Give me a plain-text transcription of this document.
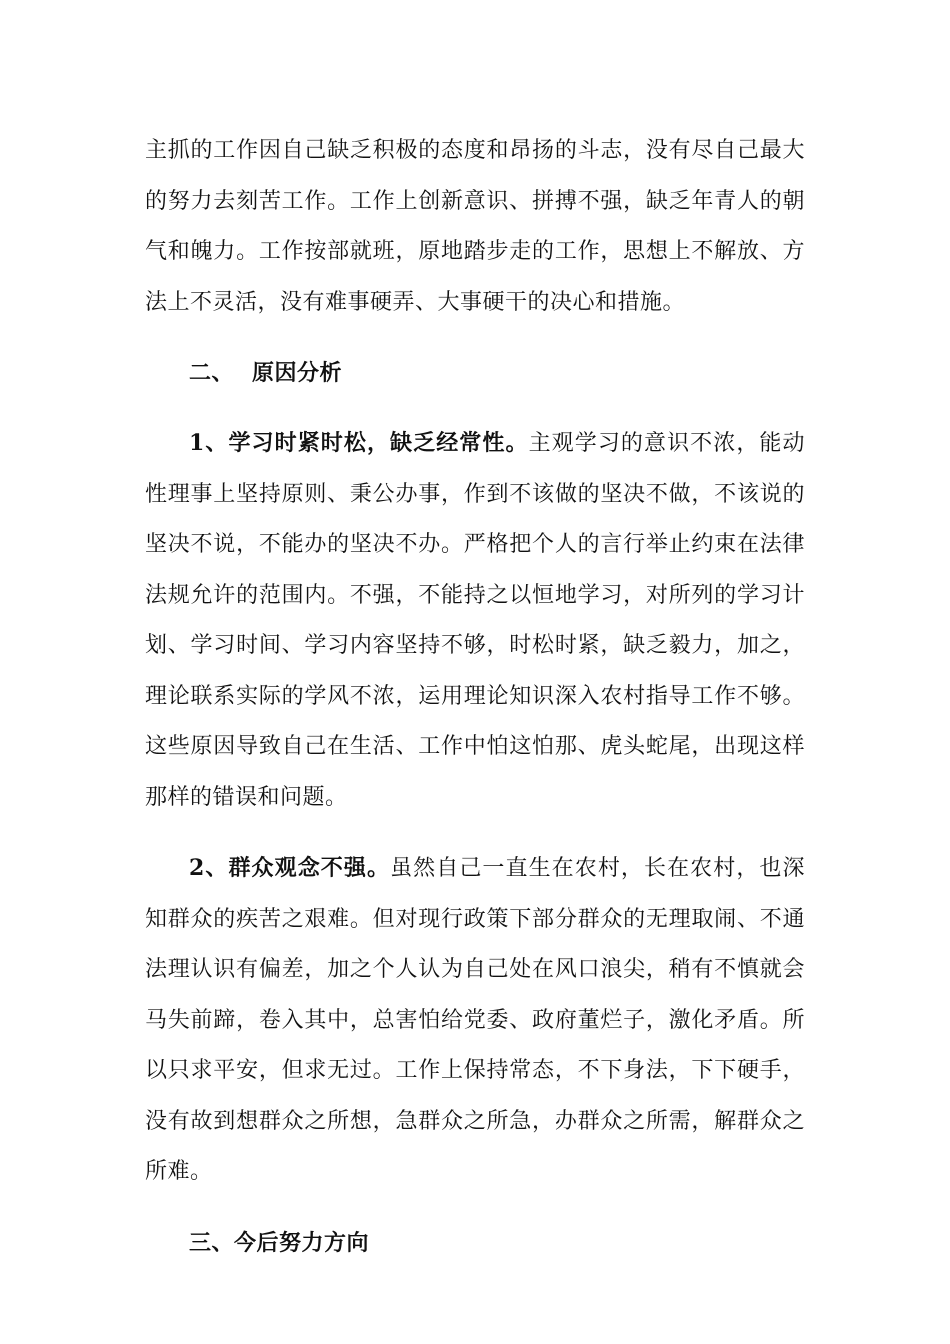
主抓的工作因自己缺乏积极的态度和昂扬的斗志，没有尽自己最大的努力去刻苦工作。工作上创新意识、拼搏不强，缺乏年青人的朝气和魄力。工作按部就班，原地踏步走的工作，思想上不解放、方法上不灵活，没有难事硬弄、大事硬干的决心和措施。

二、 原因分析

1、学习时紧时松，缺乏经常性。主观学习的意识不浓，能动性理事上坚持原则、秉公办事，作到不该做的坚决不做，不该说的坚决不说，不能办的坚决不办。严格把个人的言行举止约束在法律法规允许的范围内。不强，不能持之以恒地学习，对所列的学习计划、学习时间、学习内容坚持不够，时松时紧，缺乏毅力，加之，理论联系实际的学风不浓，运用理论知识深入农村指导工作不够。这些原因导致自己在生活、工作中怕这怕那、虎头蛇尾，出现这样那样的错误和问题。

2、群众观念不强。虽然自己一直生在农村，长在农村，也深知群众的疾苦之艰难。但对现行政策下部分群众的无理取闹、不通法理认识有偏差，加之个人认为自己处在风口浪尖，稍有不慎就会马失前蹄，卷入其中，总害怕给党委、政府董烂子，激化矛盾。所以只求平安，但求无过。工作上保持常态，不下身法，下下硬手，没有故到想群众之所想，急群众之所急，办群众之所需，解群众之所难。

三、今后努力方向
